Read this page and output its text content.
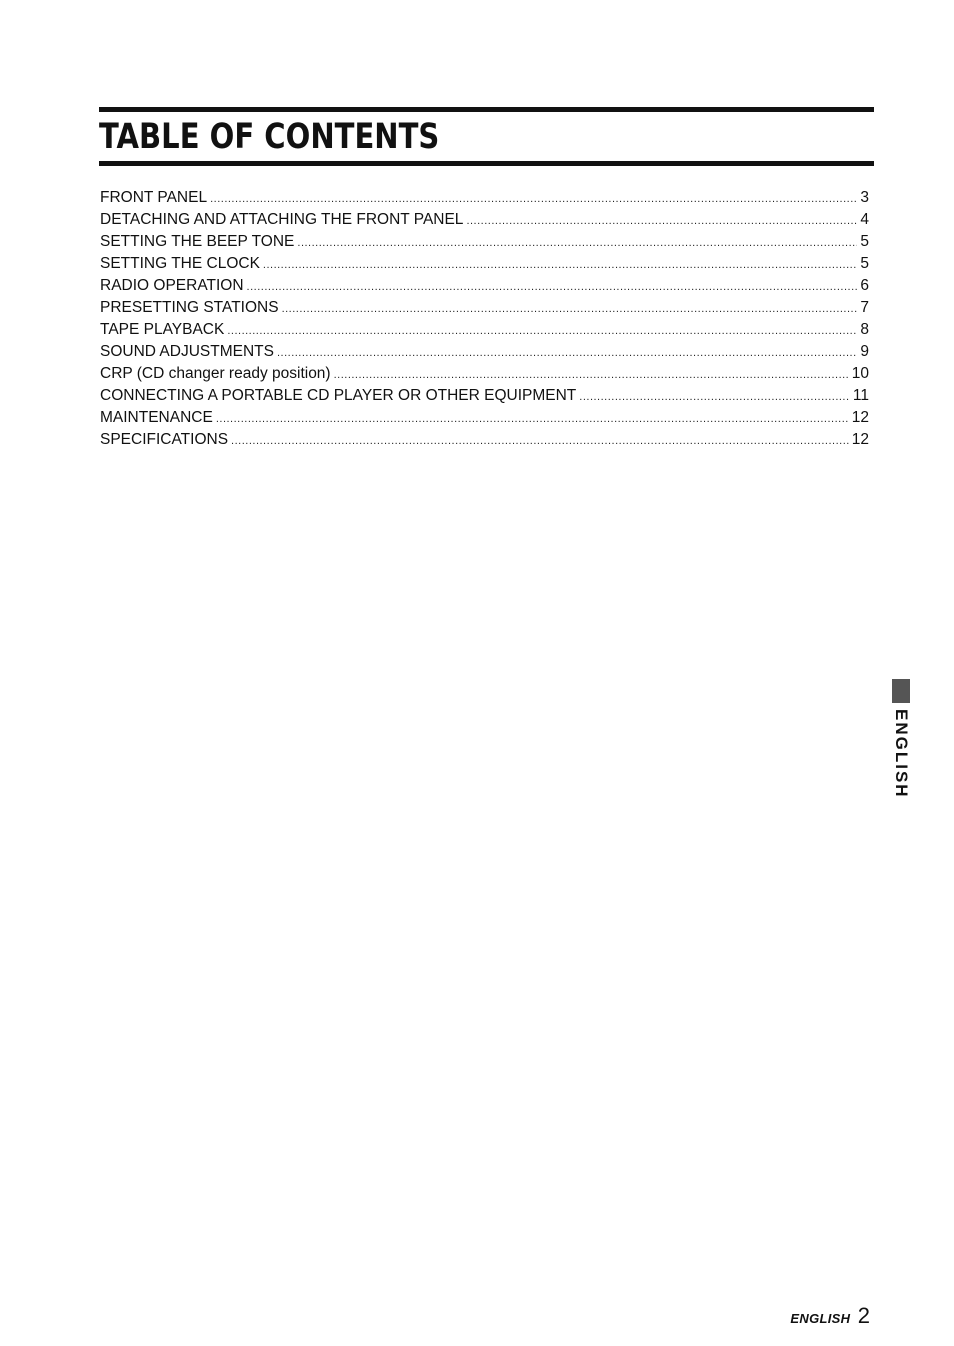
TABLE OF CONTENTS
FRONT PANEL .....	3
DETACHING AND ATTACHING THE FRONT PANEL .....	4
SETTING THE BEEP TONE .....	5
SETTING THE CLOCK .....	5
RADIO OPERATION .....	6
PRESETTING STATIONS .....	7
TAPE PLAYBACK .....	8
SOUND ADJUSTMENTS .....	9
CRP (CD changer ready position) .....	10
CONNECTING A PORTABLE CD PLAYER OR OTHER EQUIPMENT .....	11
MAINTENANCE .....	12
SPECIFICATIONS .....	12
ENGLISH
ENGLISH 2
